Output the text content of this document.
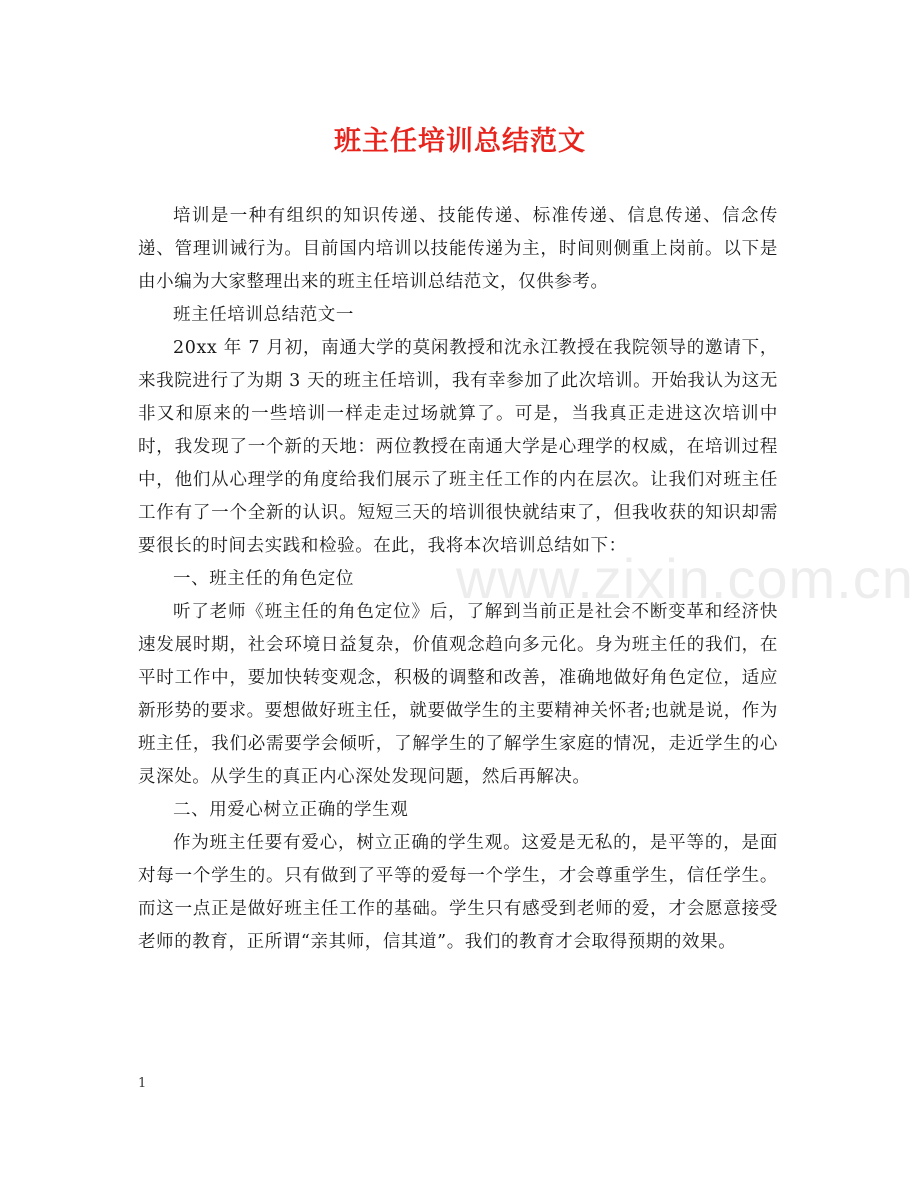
班主任培训总结范文

培训是一种有组织的知识传递、技能传递、标准传递、信息传递、信念传递、管理训诫行为。目前国内培训以技能传递为主，时间则侧重上岗前。以下是由小编为大家整理出来的班主任培训总结范文，仅供参考。

班主任培训总结范文一

20xx 年 7 月初，南通大学的莫闲教授和沈永江教授在我院领导的邀请下，来我院进行了为期 3 天的班主任培训，我有幸参加了此次培训。开始我认为这无非又和原来的一些培训一样走走过场就算了。可是，当我真正走进这次培训中时，我发现了一个新的天地：两位教授在南通大学是心理学的权威，在培训过程中，他们从心理学的角度给我们展示了班主任工作的内在层次。让我们对班主任工作有了一个全新的认识。短短三天的培训很快就结束了，但我收获的知识却需要很长的时间去实践和检验。在此，我将本次培训总结如下：

一、班主任的角色定位

听了老师《班主任的角色定位》后，了解到当前正是社会不断变革和经济快速发展时期，社会环境日益复杂，价值观念趋向多元化。身为班主任的我们，在平时工作中，要加快转变观念，积极的调整和改善，准确地做好角色定位，适应新形势的要求。要想做好班主任，就要做学生的主要精神关怀者;也就是说，作为班主任，我们必需要学会倾听，了解学生的了解学生家庭的情况，走近学生的心灵深处。从学生的真正内心深处发现问题，然后再解决。

二、用爱心树立正确的学生观

作为班主任要有爱心，树立正确的学生观。这爱是无私的，是平等的，是面对每一个学生的。只有做到了平等的爱每一个学生，才会尊重学生，信任学生。而这一点正是做好班主任工作的基础。学生只有感受到老师的爱，才会愿意接受老师的教育，正所谓“亲其师，信其道”。我们的教育才会取得预期的效果。

www.zixin.com.cn
1
